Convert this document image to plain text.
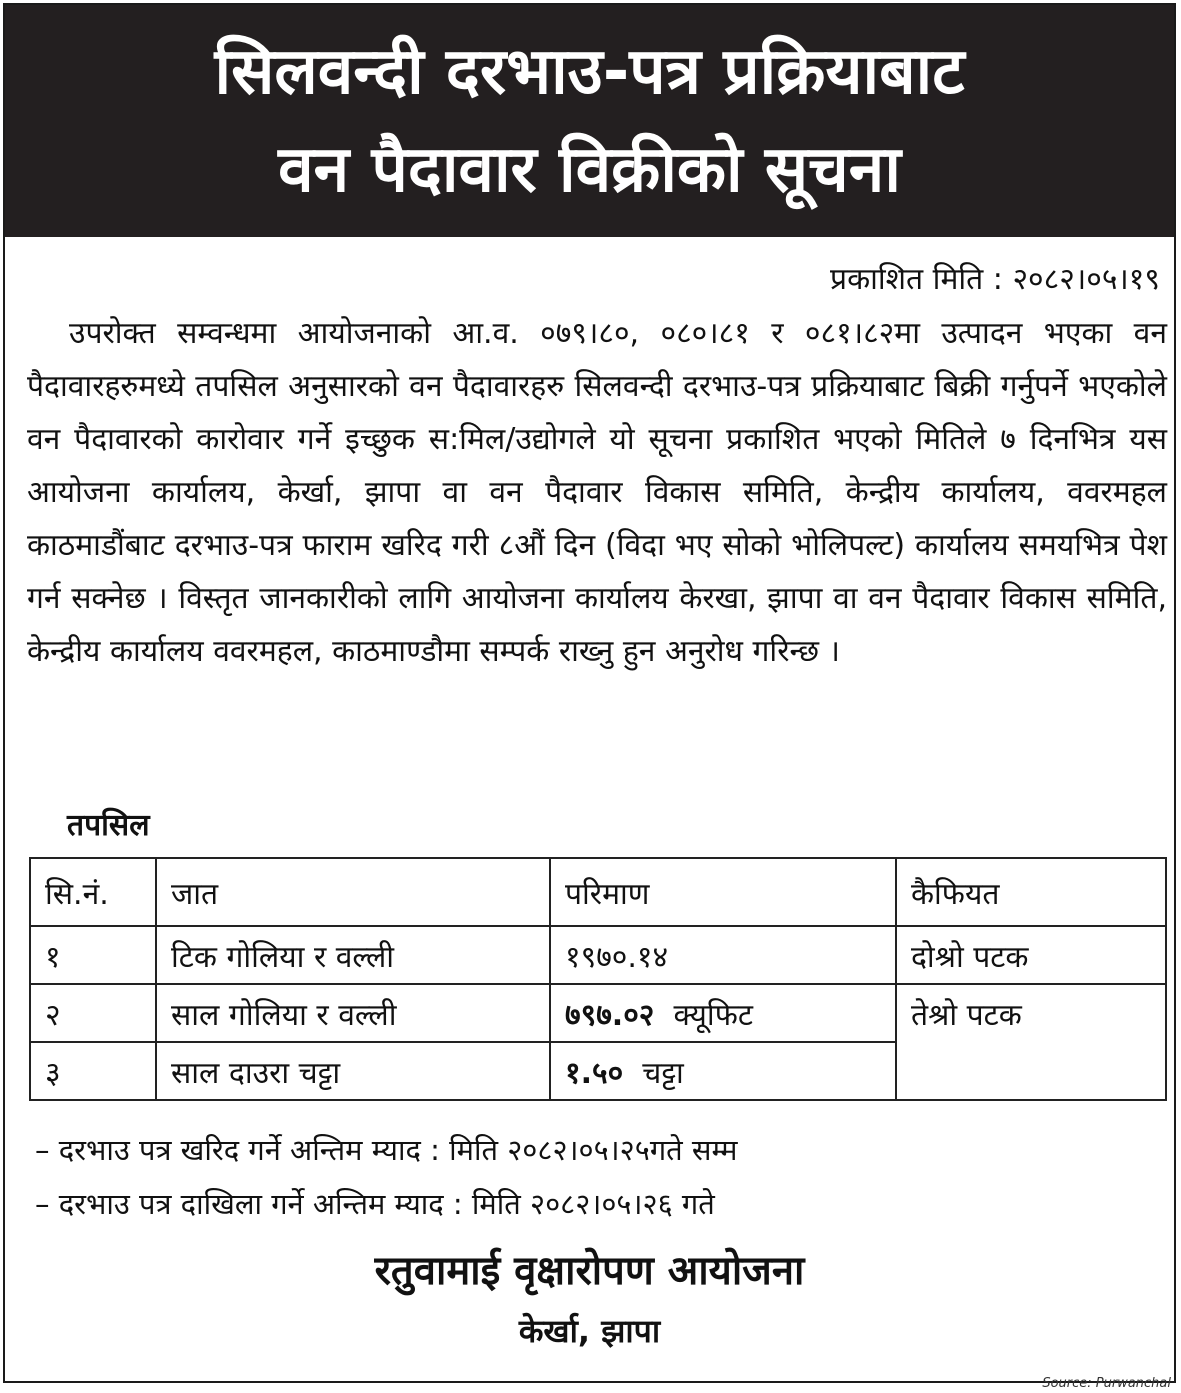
सिलवन्दी दरभाउ-पत्र प्रक्रियाबाट
वन पैदावार विक्रीको सूचना
प्रकाशित मिति : २०८२।०५।१९
उपरोक्त सम्वन्धमा आयोजनाको आ.व. ०७९।८०, ०८०।८१ र ०८१।८२मा उत्पादन भएका वन पैदावारहरुमध्ये तपसिल अनुसारको वन पैदावारहरु सिलवन्दी दरभाउ-पत्र प्रक्रियाबाट बिक्री गर्नुपर्ने भएकोले वन पैदावारको कारोवार गर्ने इच्छुक स:मिल/उद्योगले यो सूचना प्रकाशित भएको मितिले ७ दिनभित्र यस आयोजना कार्यालय, केर्खा, झापा वा वन पैदावार विकास समिति, केन्द्रीय कार्यालय, ववरमहल काठमाडौंबाट दरभाउ-पत्र फाराम खरिद गरी ८औं दिन (विदा भए सोको भोलिपल्ट) कार्यालय समयभित्र पेश गर्न सक्नेछ । विस्तृत जानकारीको लागि आयोजना कार्यालय केरखा, झापा वा वन पैदावार विकास समिति, केन्द्रीय कार्यालय ववरमहल, काठमाण्डौमा सम्पर्क राख्नु हुन अनुरोध गरिन्छ ।
तपसिल
सि.नं.	जात	परिमाण	कैफियत
१	टिक गोलिया र वल्ली	१९७०.१४	दोश्रो पटक
२	साल गोलिया र वल्ली	७९७.०२ क्यूफिट	तेश्रो पटक
३	साल दाउरा चट्टा	१.५० चट्टा	
– दरभाउ पत्र खरिद गर्ने अन्तिम म्याद : मिति २०८२।०५।२५गते सम्म
– दरभाउ पत्र दाखिला गर्ने अन्तिम म्याद : मिति २०८२।०५।२६ गते
रतुवामाई वृक्षारोपण आयोजना
केर्खा, झापा
Source: Purwanchal
